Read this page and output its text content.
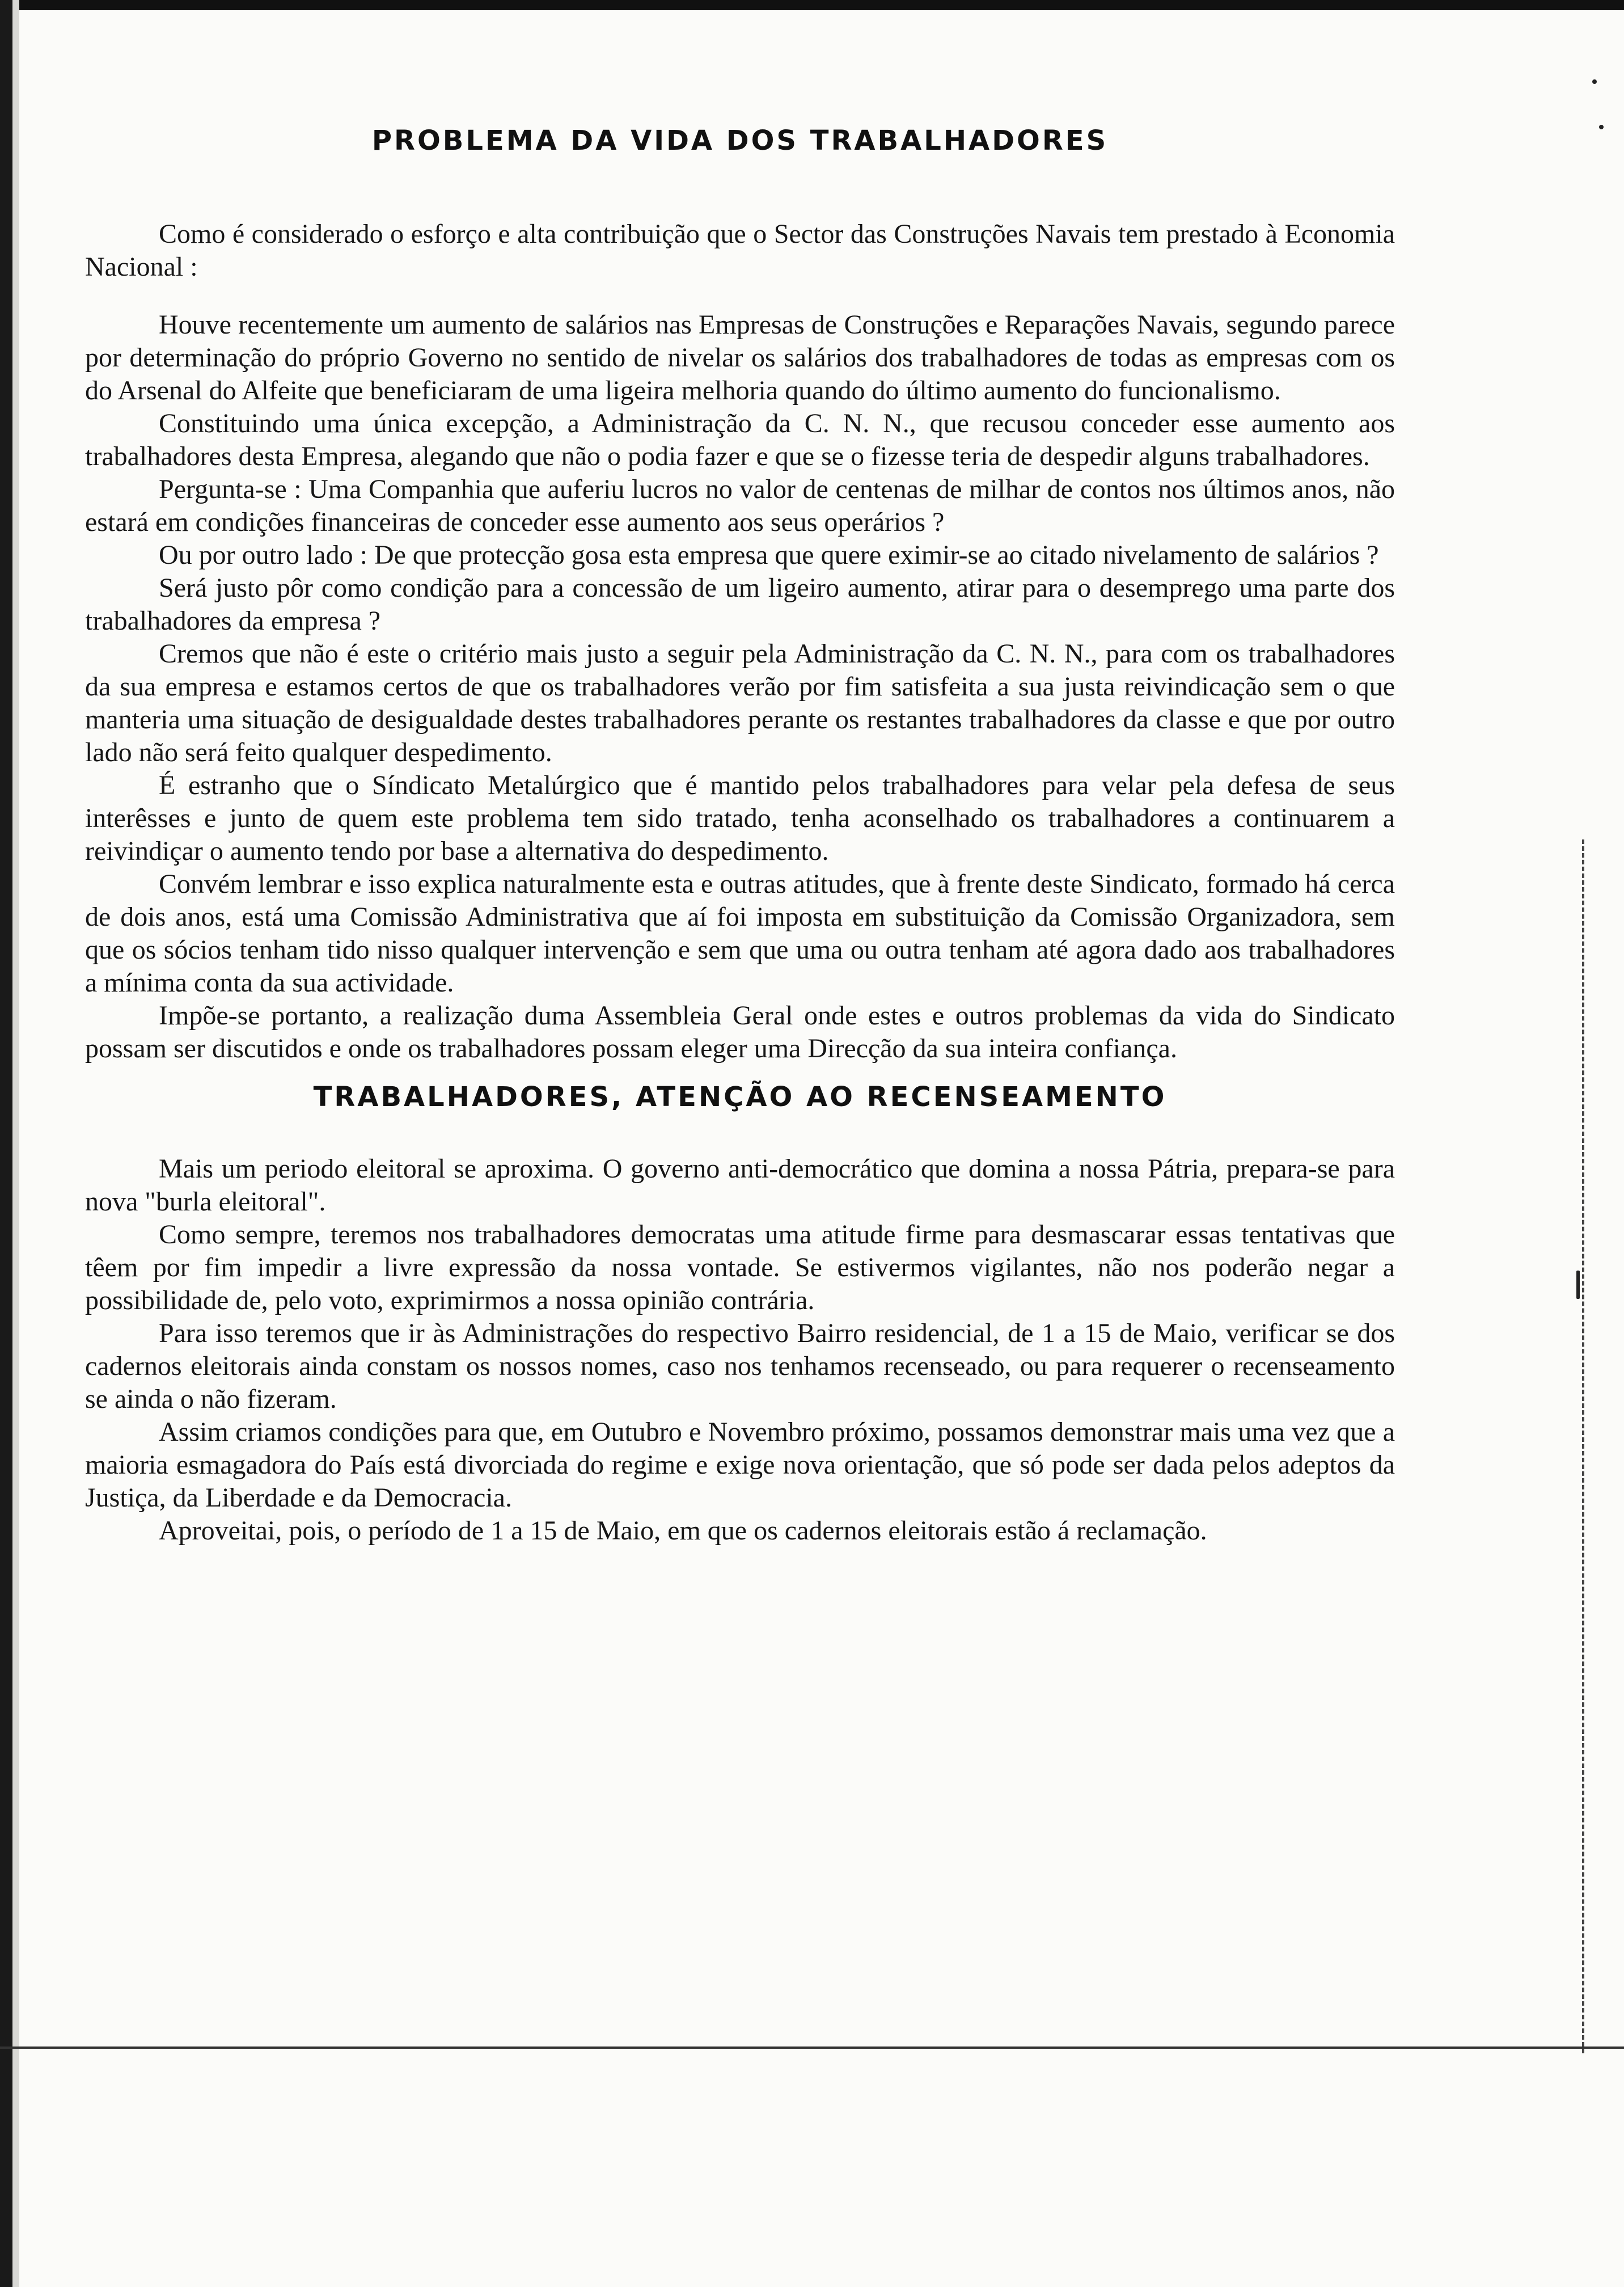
PROBLEMA DA VIDA DOS TRABALHADORES

Como é considerado o esforço e alta contribuição que o Sector das Construções Navais tem prestado à Economia Nacional :

Houve recentemente um aumento de salários nas Empresas de Construções e Reparações Navais, segundo parece por determinação do próprio Governo no sentido de nivelar os salários dos trabalhadores de todas as empresas com os do Arsenal do Alfeite que beneficiaram de uma ligeira melhoria quando do último aumento do funcionalismo.

Constituindo uma única excepção, a Administração da C. N. N., que recusou conceder esse aumento aos trabalhadores desta Empresa, alegando que não o podia fazer e que se o fizesse teria de despedir alguns trabalhadores.

Pergunta-se : Uma Companhia que auferiu lucros no valor de centenas de milhar de contos nos últimos anos, não estará em condições financeiras de conceder esse aumento aos seus operários ?

Ou por outro lado : De que protecção gosa esta empresa que quere eximir-se ao citado nivelamento de salários ?

Será justo pôr como condição para a concessão de um ligeiro aumento, atirar para o desemprego uma parte dos trabalhadores da empresa ?

Cremos que não é este o critério mais justo a seguir pela Administração da C. N. N., para com os trabalhadores da sua empresa e estamos certos de que os trabalhadores verão por fim satisfeita a sua justa reivindicação sem o que manteria uma situação de desigualdade destes trabalhadores perante os restantes trabalhadores da classe e que por outro lado não será feito qualquer despedimento.

É estranho que o Síndicato Metalúrgico que é mantido pelos trabalhadores para velar pela defesa de seus interêsses e junto de quem este problema tem sido tratado, tenha aconselhado os trabalhadores a continuarem a reivindiçar o aumento tendo por base a alternativa do despedimento.

Convém lembrar e isso explica naturalmente esta e outras atitudes, que à frente deste Sindicato, formado há cerca de dois anos, está uma Comissão Administrativa que aí foi imposta em substituição da Comissão Organizadora, sem que os sócios tenham tido nisso qualquer intervenção e sem que uma ou outra tenham até agora dado aos trabalhadores a mínima conta da sua actividade.

Impõe-se portanto, a realização duma Assembleia Geral onde estes e outros problemas da vida do Sindicato possam ser discutidos e onde os trabalhadores possam eleger uma Direcção da sua inteira confiança.

TRABALHADORES, ATENÇÃO AO RECENSEAMENTO

Mais um periodo eleitoral se aproxima. O governo anti-democrático que domina a nossa Pátria, prepara-se para nova "burla eleitoral".

Como sempre, teremos nos trabalhadores democratas uma atitude firme para desmascarar essas tentativas que têem por fim impedir a livre expressão da nossa vontade. Se estivermos vigilantes, não nos poderão negar a possibilidade de, pelo voto, exprimirmos a nossa opinião contrária.

Para isso teremos que ir às Administrações do respectivo Bairro residencial, de 1 a 15 de Maio, verificar se dos cadernos eleitorais ainda constam os nossos nomes, caso nos tenhamos recenseado, ou para requerer o recenseamento se ainda o não fizeram.

Assim criamos condições para que, em Outubro e Novembro próximo, possamos demonstrar mais uma vez que a maioria esmagadora do País está divorciada do regime e exige nova orientação, que só pode ser dada pelos adeptos da Justiça, da Liberdade e da Democracia.

Aproveitai, pois, o período de 1 a 15 de Maio, em que os cadernos eleitorais estão á reclamação.
